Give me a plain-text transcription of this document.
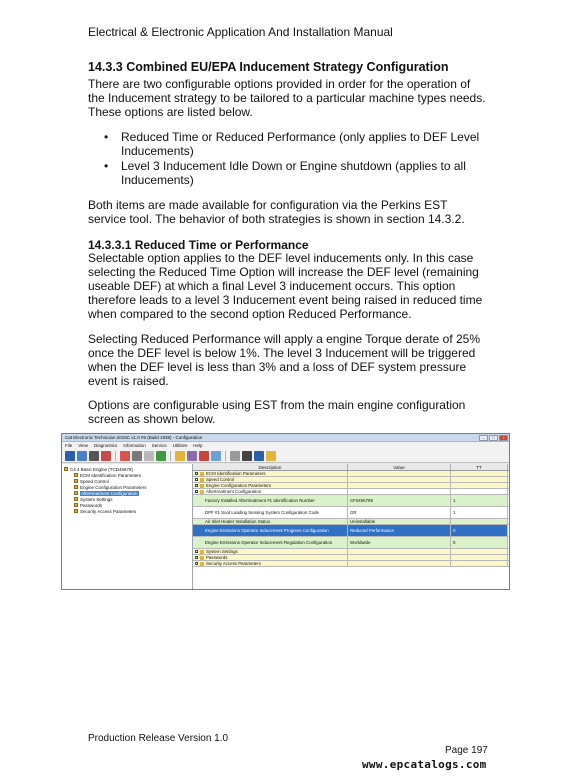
Electrical & Electronic Application And Installation Manual
14.3.3 Combined EU/EPA Inducement Strategy Configuration
There are two configurable options provided in order for the operation of the Inducement strategy to be tailored to a particular machine types needs. These options are listed below.
• Reduced Time or Reduced Performance (only applies to DEF Level Inducements)
• Level 3 Inducement Idle Down or Engine shutdown (applies to all Inducements)
Both items are made available for configuration via the Perkins EST service tool. The behavior of both strategies is shown in section 14.3.2.
14.3.3.1 Reduced Time or Performance
Selectable option applies to the DEF level inducements only. In this case selecting the Reduced Time Option will increase the DEF level (remaining useable DEF) at which a final Level 3 inducement occurs. This option therefore leads to a level 3 Inducement event being raised in reduced time when compared to the second option Reduced Performance.
Selecting Reduced Performance will apply a engine Torque derate of 25% once the DEF level is below 1%. The level 3 Inducement will be triggered when the DEF level is less than 3% and a loss of DEF system pressure event is raised.
Options are configurable using EST from the main engine configuration screen as shown below.
Cat Electronic Technician 2015C v1.0 #5 (Build 1938) - Configuration	–	□	×
File View Diagnostics Information Service Utilities Help
C4.4 Basic Engine (TCD45678)
ECM Identification Parameters
Speed Control
Engine Configuration Parameters
Aftertreatment Configuration
System Settings
Passwords
Security Access Parameters
Description	Value	TT
ECM Identification Parameters
Speed Control
Engine Configuration Parameters
Aftertreatment Configuration
Factory Installed Aftertreatment #1 Identification Number	CF0456789	1
DPF #1 Soot Loading Sensing System Configuration Code	GR	1
Air Inlet Heater Installation Status	Uninstallable
Engine Emissions Operator Inducement Progress Configuration	Reduced Performance	0
Engine Emissions Operator Inducement Regulation Configuration	Worldwide	0
System Settings
Passwords
Security Access Parameters
Production Release Version 1.0
Page 197
www.epcatalogs.com
